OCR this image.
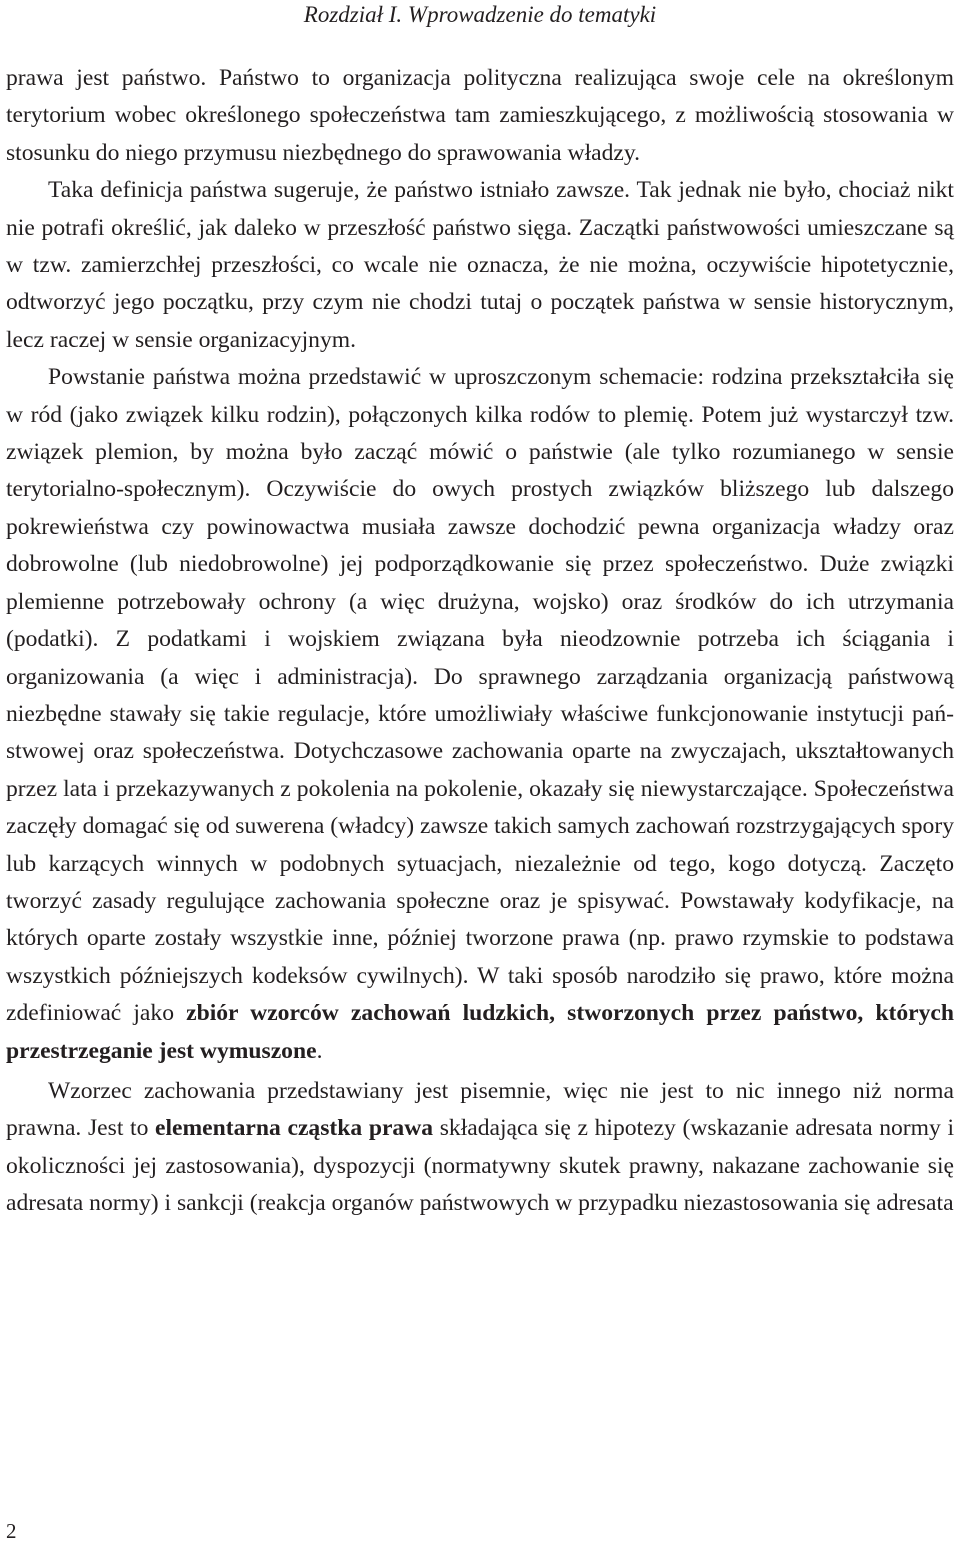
Rozdział I. Wprowadzenie do tematyki

prawa jest państwo. Państwo to organizacja polityczna realizująca swoje cele na określonym terytorium wobec określonego społeczeństwa tam zamieszkującego, z możliwością stosowania w stosunku do niego przymusu niezbędnego do sprawowania władzy.

Taka definicja państwa sugeruje, że państwo istniało zawsze. Tak jednak nie było, chociaż nikt nie potrafi określić, jak daleko w przeszłość państwo sięga. Zaczątki państwowości umieszczane są w tzw. zamierzchłej przeszłości, co wcale nie oznacza, że nie można, oczywiście hipotetycznie, odtworzyć jego początku, przy czym nie chodzi tutaj o początek państwa w sensie historycznym, lecz raczej w sensie organizacyjnym.

Powstanie państwa można przedstawić w uproszczonym schemacie: rodzina przekształciła się w ród (jako związek kilku rodzin), połączonych kilka rodów to plemię. Potem już wystarczył tzw. związek plemion, by można było zacząć mówić o państwie (ale tylko rozumianego w sensie terytorialno-społecznym). Oczywiście do owych prostych związków bliższego lub dalszego pokrewieństwa czy powinowactwa musiała zawsze dochodzić pewna organizacja władzy oraz dobrowolne (lub niedobrowolne) jej podporządkowanie się przez społeczeństwo. Duże związki plemienne potrzebowały ochrony (a więc drużyna, wojsko) oraz środków do ich utrzymania (podatki). Z podatkami i wojskiem związana była nieodzownie potrzeba ich ściągania i organizowania (a więc i administracja). Do sprawnego zarządzania organizacją państwową niezbędne stawały się takie regulacje, które umożliwiały właściwe funkcjonowanie instytucji państwowej oraz społeczeństwa. Dotychczasowe zachowania oparte na zwyczajach, ukształtowanych przez lata i przekazywanych z pokolenia na pokolenie, okazały się niewystarczające. Społeczeństwa zaczęły domagać się od suwerena (władcy) zawsze takich samych zachowań rozstrzygających spory lub karzących winnych w podobnych sytuacjach, niezależnie od tego, kogo dotyczą. Zaczęto tworzyć zasady regulujące zachowania społeczne oraz je spisywać. Powstawały kodyfikacje, na których oparte zostały wszystkie inne, później tworzone prawa (np. prawo rzymskie to podstawa wszystkich późniejszych kodeksów cywilnych). W taki sposób narodziło się prawo, które można zdefiniować jako zbiór wzorców zachowań ludzkich, stworzonych przez państwo, których przestrzeganie jest wymuszone.

Wzorzec zachowania przedstawiany jest pisemnie, więc nie jest to nic innego niż norma prawna. Jest to elementarna cząstka prawa składająca się z hipotezy (wskazanie adresata normy i okoliczności jej zastosowania), dyspozycji (normatywny skutek prawny, nakazane zachowanie się adresata normy) i sankcji (reakcja organów państwowych w przypadku niezastosowania się adresata

2
